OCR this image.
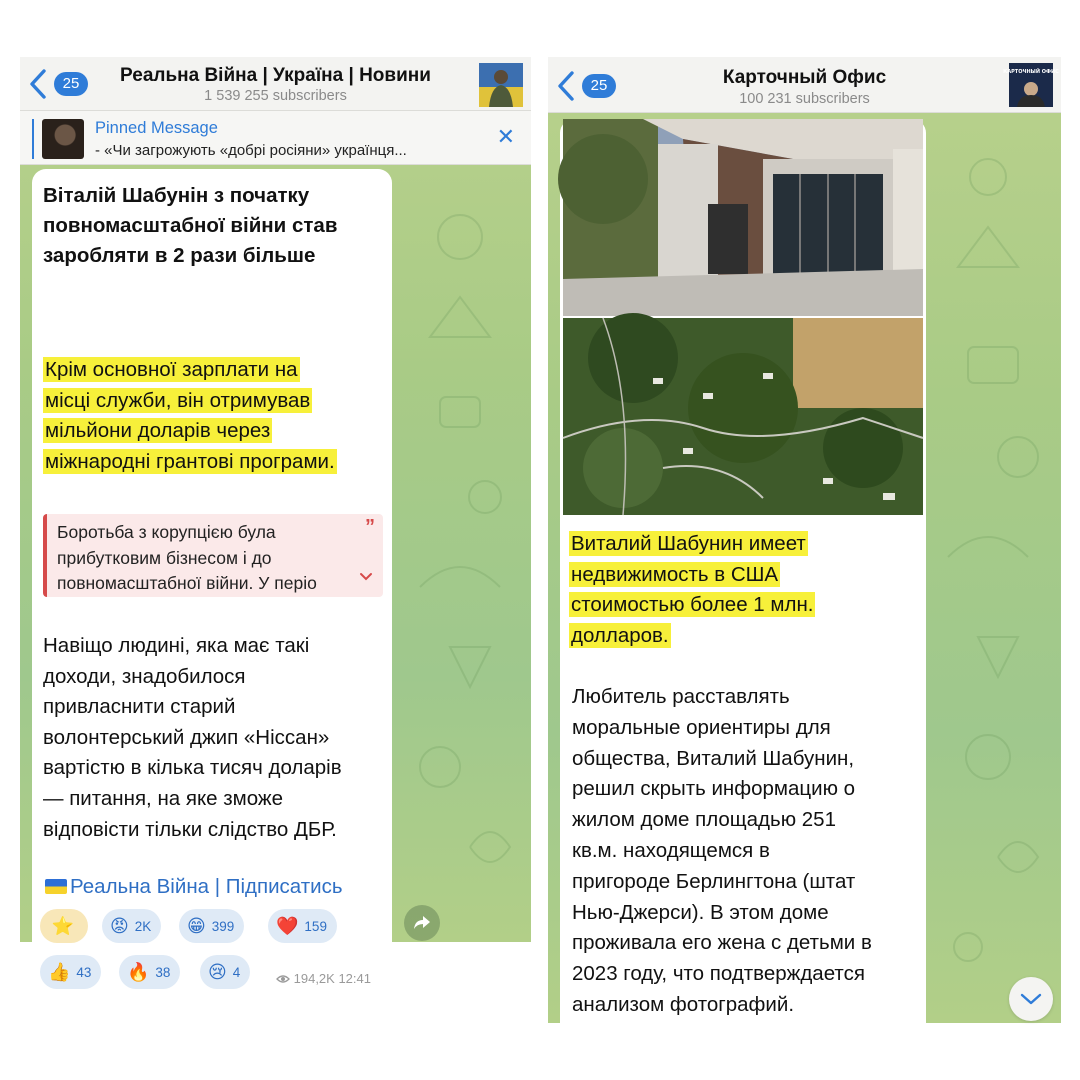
25	Реальна Війна | Україна | Новини
1 539 255 subscribers
Pinned Message
- «Чи загрожують «добрі росіяни» українця...
✕
Віталій Шабунін з початку повномасштабної війни став заробляти в 2 рази більше
Крім основної зарплати на
місці служби, він отримував
мільйони доларів через
міжнародні грантові програми.
Боротьба з корупцією була
прибутковим бізнесом і до
повномасштабної війни. У періо
”
Навіщо людині, яка має такі
доходи, знадобилося
привласнити старий
волонтерський джип «Ніссан»
вартістю в кілька тисяч доларів
— питання, на яке зможе
відповісти тільки слідство ДБР.
Реальна Війна | Підписатись
⭐ 😡 2K 😁 399 ❤️ 159
👍 43 🔥 38 😢 4	194,2K 12:41
25	Карточный Офис
100 231 subscribers
КАРТОЧНЫЙ ОФИС
Виталий Шабунин имеет
недвижимость в США
стоимостью более 1 млн.
долларов.
Любитель расставлять
моральные ориентиры для
общества, Виталий Шабунин,
решил скрыть информацию о
жилом доме площадью 251
кв.м. находящемся в
пригороде Берлингтона (штат
Нью-Джерси). В этом доме
проживала его жена с детьми в
2023 году, что подтверждается
анализом фотографий.
